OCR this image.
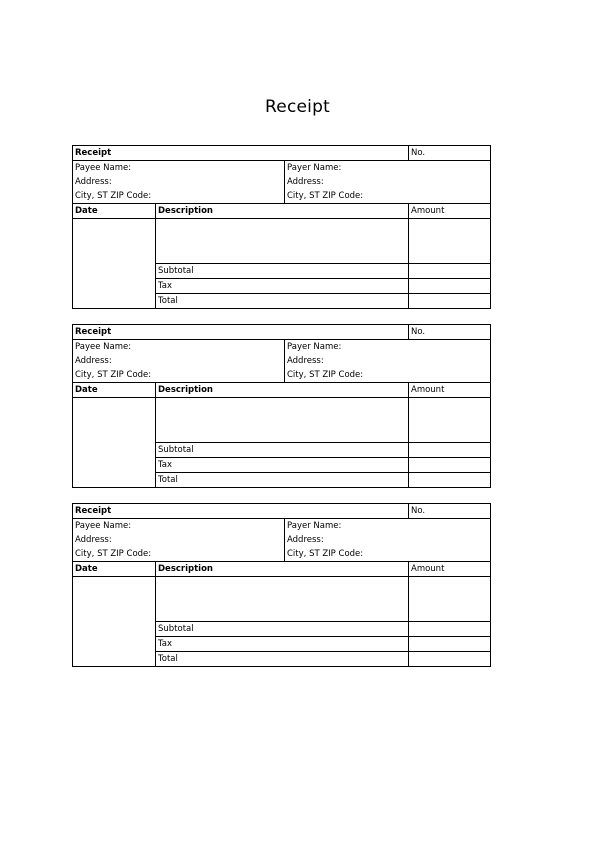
Receipt
Receipt			No.
Payee Name:		Payer Name:	
Address:		Address:	
City, ST ZIP Code:		City, ST ZIP Code:	
Date	Description		Amount

	Subtotal		
	Tax		
	Total		
Receipt			No.
Payee Name:		Payer Name:	
Address:		Address:	
City, ST ZIP Code:		City, ST ZIP Code:	
Date	Description		Amount

	Subtotal		
	Tax		
	Total		
Receipt			No.
Payee Name:		Payer Name:	
Address:		Address:	
City, ST ZIP Code:		City, ST ZIP Code:	
Date	Description		Amount

	Subtotal		
	Tax		
	Total		
